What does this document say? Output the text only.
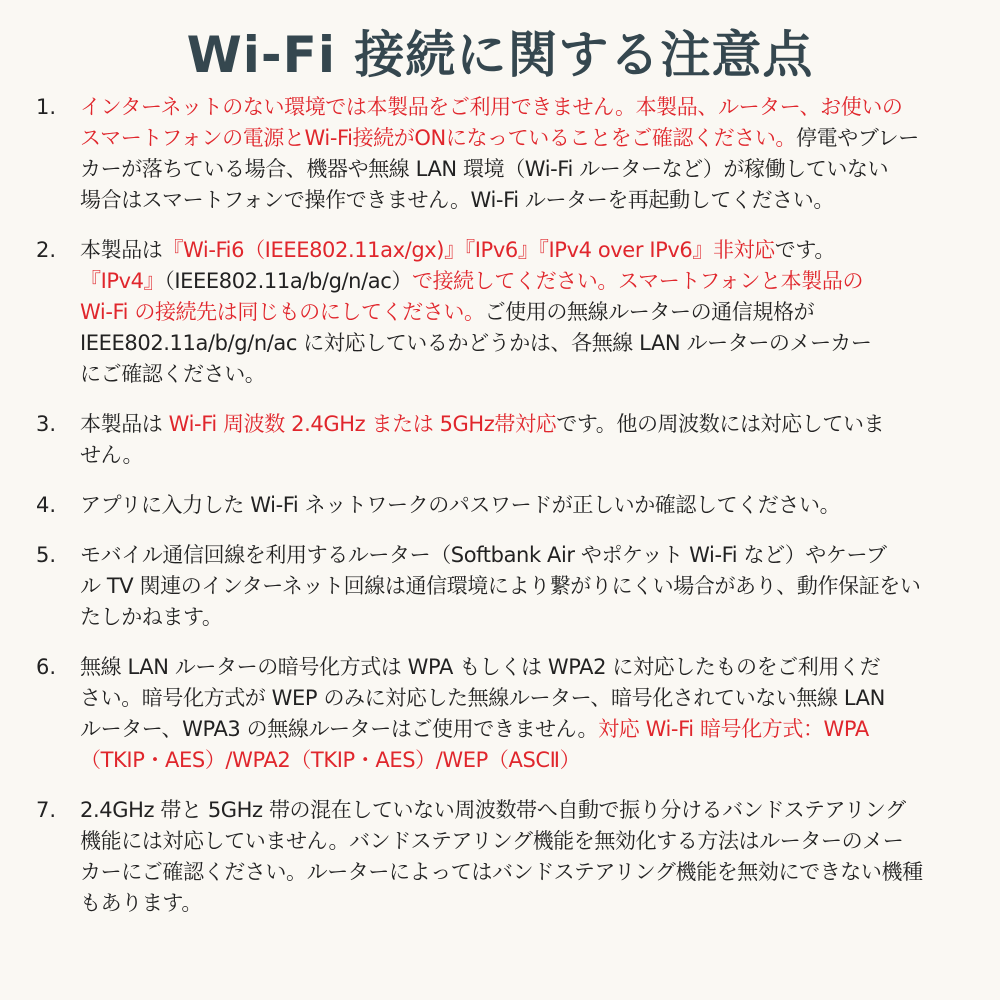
Wi-Fi 接続に関する注意点
1. インターネットのない環境では本製品をご利用できません。本製品、ルーター、お使いの
スマートフォンの電源とWi-Fi接続がONになっていることをご確認ください。停電やブレー
カーが落ちている場合、機器や無線 LAN 環境（Wi-Fi ルーターなど）が稼働していない
場合はスマートフォンで操作できません。Wi-Fi ルーターを再起動してください。
2. 本製品は『Wi-Fi6（IEEE802.11ax/gx)』『IPv6』『IPv4 over IPv6』非対応です。
『IPv4』（IEEE802.11a/b/g/n/ac）で接続してください。スマートフォンと本製品の
Wi-Fi の接続先は同じものにしてください。ご使用の無線ルーターの通信規格が
IEEE802.11a/b/g/n/ac に対応しているかどうかは、各無線 LAN ルーターのメーカー
にご確認ください。
3. 本製品は Wi-Fi 周波数 2.4GHz または 5GHz帯対応です。他の周波数には対応していま
せん。
4. アプリに入力した Wi-Fi ネットワークのパスワードが正しいか確認してください。
5. モバイル通信回線を利用するルーター（Softbank Air やポケット Wi-Fi など）やケーブ
ル TV 関連のインターネット回線は通信環境により繋がりにくい場合があり、動作保証をい
たしかねます。
6. 無線 LAN ルーターの暗号化方式は WPA もしくは WPA2 に対応したものをご利用くだ
さい。暗号化方式が WEP のみに対応した無線ルーター、暗号化されていない無線 LAN
ルーター、WPA3 の無線ルーターはご使用できません。対応 Wi-Fi 暗号化方式：WPA
（TKIP・AES）/WPA2（TKIP・AES）/WEP（ASCⅡ）
7. 2.4GHz 帯と 5GHz 帯の混在していない周波数帯へ自動で振り分けるバンドステアリング
機能には対応していません。バンドステアリング機能を無効化する方法はルーターのメー
カーにご確認ください。ルーターによってはバンドステアリング機能を無効にできない機種
もあります。
